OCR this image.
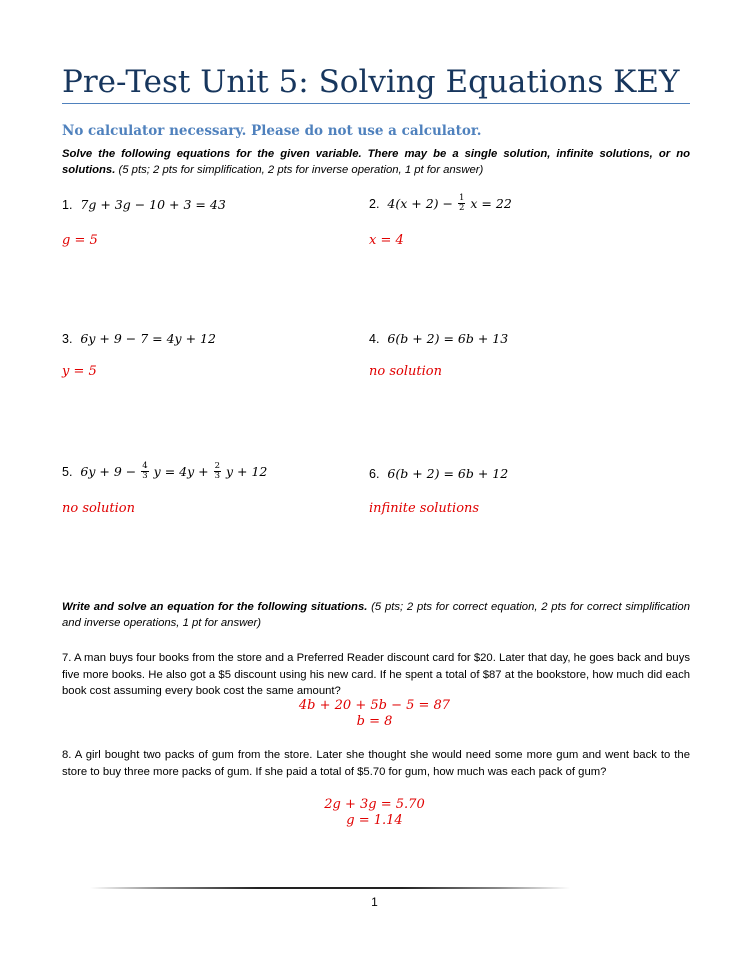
Pre-Test Unit 5: Solving Equations KEY
No calculator necessary. Please do not use a calculator.
Solve the following equations for the given variable. There may be a single solution, infinite solutions, or no solutions. (5 pts; 2 pts for simplification, 2 pts for inverse operation, 1 pt for answer)
1. 7g + 3g − 10 + 3 = 43
g = 5
2. $4(x + 2) - \frac{1}{2}$ x = 22
x = 4
3. 6y + 9 − 7 = 4y + 12
y = 5
4. 6(b + 2) = 6b + 13
no solution
5. $6y + 9 - \frac{4}{3}$ $y = 4y + \frac{2}{3}$ y + 12
no solution
6. 6(b + 2) = 6b + 12
infinite solutions
Write and solve an equation for the following situations. (5 pts; 2 pts for correct equation, 2 pts for correct simplification and inverse operations, 1 pt for answer)
7. A man buys four books from the store and a Preferred Reader discount card for $20. Later that day, he goes back and buys five more books. He also got a $5 discount using his new card. If he spent a total of $87 at the bookstore, how much did each book cost assuming every book cost the same amount?
4b + 20 + 5b − 5 = 87
b = 8
8. A girl bought two packs of gum from the store. Later she thought she would need some more gum and went back to the store to buy three more packs of gum. If she paid a total of $5.70 for gum, how much was each pack of gum?
2g + 3g = 5.70
g = 1.14
1
